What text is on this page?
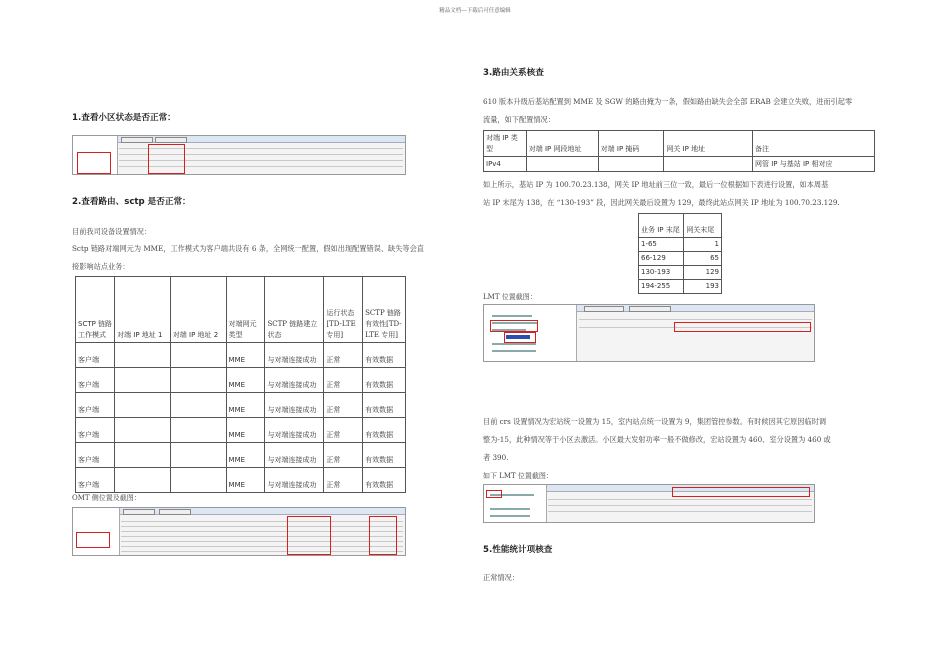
精品文档---下载后可任意编辑
1.查看小区状态是否正常：
2.查看路由、sctp 是否正常：
目前我司设备设置情况：
Sctp 链路对端网元为 MME，工作模式为客户端共设有 6 条，全网统一配置，假如出现配置错误、缺失等会直
接影响站点业务：
SCTP 链路工作模式	对端 IP 地址 1	对端 IP 地址 2	对端网元类型	SCTP 链路建立状态	运行状态[TD-LTE 专用]	SCTP 链路有效性[TD-LTE 专用]
客户端			MME	与对端连接成功	正常	有效数据
客户端			MME	与对端连接成功	正常	有效数据
客户端			MME	与对端连接成功	正常	有效数据
客户端			MME	与对端连接成功	正常	有效数据
客户端			MME	与对端连接成功	正常	有效数据
客户端			MME	与对端连接成功	正常	有效数据
OMT 侧位置及截图：
3.路由关系核查
610 版本升级后基站配置到 MME 及 SGW 的路由掩为一条，假如路由缺失会全部 ERAB 会建立失败，进而引起零
流量，如下配置情况：
对端 IP 类型	对端 IP 网段地址	对端 IP 掩码	网关 IP 地址	备注
IPv4				网管 IP 与基站 IP 相对应
如上所示，基站 IP 为 100.70.23.138，网关 IP 地址前三位一致，最后一位根据如下表进行设置，如本周基
站 IP 末尾为 138，在 “130-193” 段，因此网关最后设置为 129，最终此站点网关 IP 地址为 100.70.23.129.
业务 IP 末尾	网关末尾
1-65	1
66-129	65
130-193	129
194-255	193
LMT 位置截图：
目前 crs 设置情况为宏站统一设置为 15，室内站点统一设置为 9，集团管控参数。有时候因其它原因临时调
整为-15，此种情况等于小区去激活。小区最大发射功率一般不做修改，宏站设置为 460、室分设置为 460 或
者 390.
如下 LMT 位置截图：
5.性能统计项核查
正常情况：
